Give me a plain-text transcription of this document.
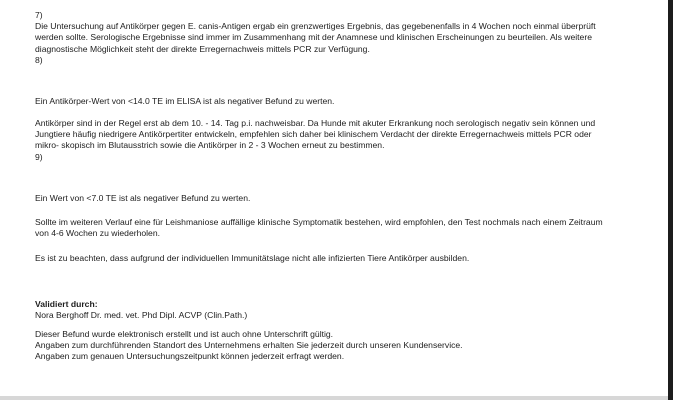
7)
Die Untersuchung auf Antikörper gegen E. canis-Antigen ergab ein grenzwertiges Ergebnis, das gegebenenfalls in 4 Wochen noch einmal überprüft
werden sollte. Serologische Ergebnisse sind immer im Zusammenhang mit der Anamnese und klinischen Erscheinungen zu beurteilen. Als weitere
diagnostische Möglichkeit steht der direkte Erregernachweis mittels PCR zur Verfügung.
8)
Ein Antikörper-Wert von <14.0 TE im ELISA ist als negativer Befund zu werten.
Antikörper sind in der Regel erst ab dem 10. - 14. Tag p.i. nachweisbar. Da Hunde mit akuter Erkrankung noch serologisch negativ sein können und
Jungtiere häufig niedrigere Antikörpertiter entwickeln, empfehlen sich daher bei klinischem Verdacht der direkte Erregernachweis mittels PCR oder
mikro- skopisch im Blutausstrich sowie die Antikörper in 2 - 3 Wochen erneut zu bestimmen.
9)
Ein Wert von <7.0 TE ist als negativer Befund zu werten.
Sollte im weiteren Verlauf eine für Leishmaniose auffällige klinische Symptomatik bestehen, wird empfohlen, den Test nochmals nach einem Zeitraum
von 4-6 Wochen zu wiederholen.
Es ist zu beachten, dass aufgrund der individuellen Immunitätslage nicht alle infizierten Tiere Antikörper ausbilden.
Validiert durch:
Nora Berghoff Dr. med. vet. Phd Dipl. ACVP (Clin.Path.)
Dieser Befund wurde elektronisch erstellt und ist auch ohne Unterschrift gültig.
Angaben zum durchführenden Standort des Unternehmens erhalten Sie jederzeit durch unseren Kundenservice.
Angaben zum genauen Untersuchungszeitpunkt können jederzeit erfragt werden.
